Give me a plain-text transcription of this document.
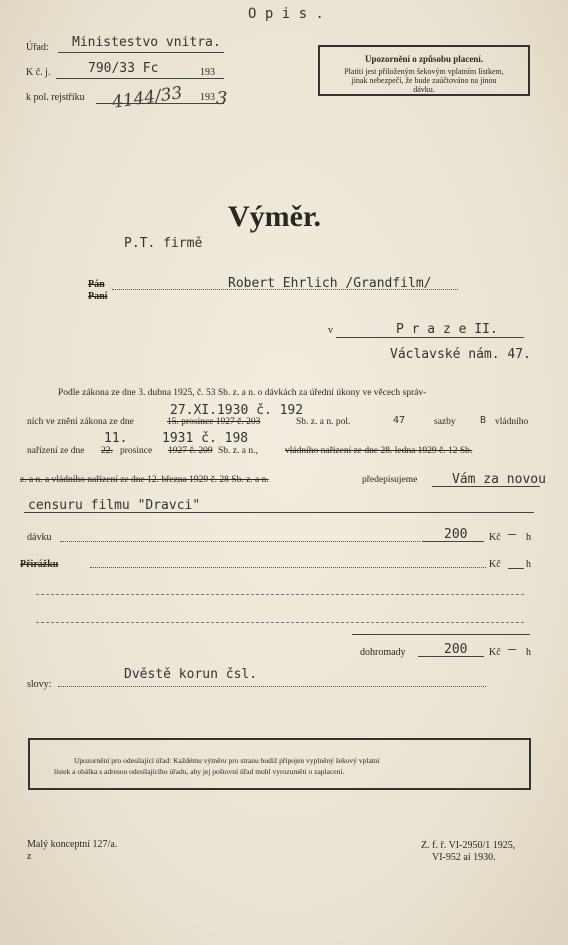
O p i s .
Úřad: Ministestvo vnitra.
K č. j.	790/33 Fc	193
k pol. rejstříku 4144/33 193 3
Upozornění o způsobu placení.
Platiti jest přiloženým šekovým vplatním lístkem,
jinak nebezpečí, že bude zaúčtováno na jinou
dávku.
Výměr.
P.T. firmě
Pán
Paní
Robert Ehrlich /Grandfilm/
v	P r a z e II.
Václavské nám. 47.
Podle zákona ze dne 3. dubna 1925, č. 53 Sb. z. a n. o dávkách za úřední úkony ve věcech správ-
27.XI.1930 č. 192
ních ve znění zákona ze dne	15. prosince 1927 č. 203	Sb. z. a n. pol.	47	sazby B vládního
11.	1931 č. 198
nařízení ze dne 22. prosince 1927 č. 209 Sb. z. a n.,	vládního nařízení ze dne 28. ledna 1929 č. 12 Sb.
z. a n. a vládního nařízení ze dne 12. března 1929 č. 28 Sb. z. a n.	předepisujeme	Vám za novou
censuru filmu "Dravci"
dávku	200 Kč — h
Přirážku	Kč	h
dohromady	200 Kč — h
slovy:
Dvěstě korun čsl.
Upozornění pro odesílající úřad: Každému výměru pro stranu budiž připojen vyplněný šekový vplatní
lístek a obálka s adresou odesílajícího úřadu, aby jej poštovní úřad mohl vyrozuměti o zaplacení.
Malý konceptní 127/a.
z
Z. f. ř. VI-2950/1 1925,
VI-952 ai 1930.
